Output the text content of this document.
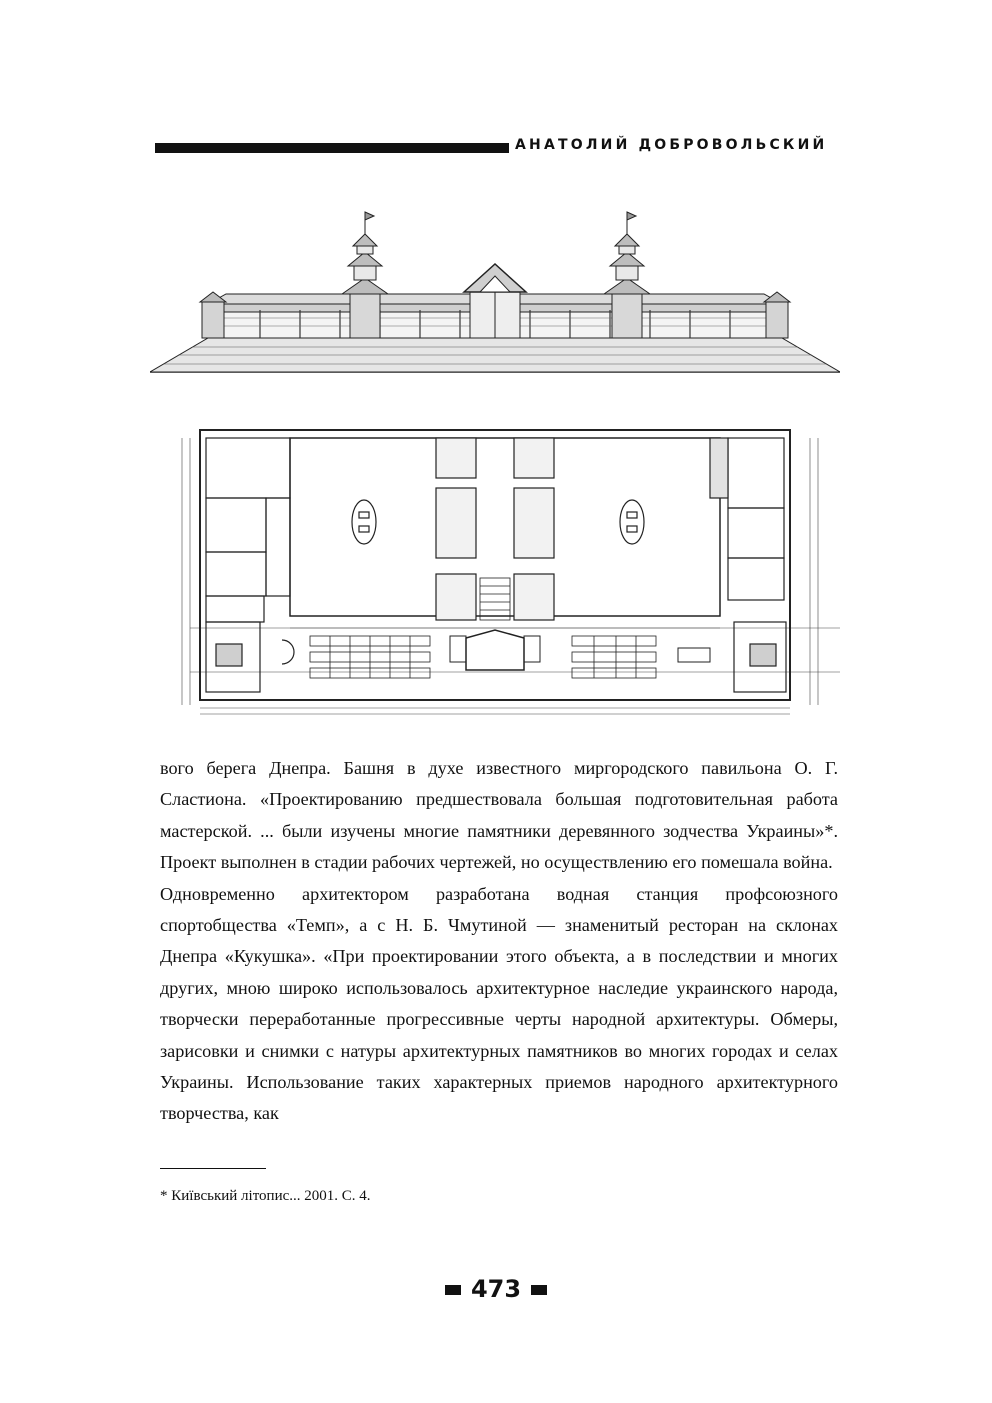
АНАТОЛИЙ ДОБРОВОЛЬСКИЙ

вого берега Днепра. Башня в духе известного миргородского павильона О. Г. Сластиона. «Проектированию предшествовала большая подготовительная работа мастерской. ... были изучены многие памятники деревянного зодчества Украины»*. Проект выполнен в стадии рабочих чертежей, но осуществлению его помешала война.

Одновременно архитектором разработана водная станция профсоюзного спортобщества «Темп», а с Н. Б. Чмутиной — знаменитый ресторан на склонах Днепра «Кукушка». «При проектировании этого объекта, а в последствии и многих других, мною широко использовалось архитектурное наследие украинского народа, творчески переработанные прогрессивные черты народной архитектуры. Обмеры, зарисовки и снимки с натуры архитектурных памятников во многих городах и селах Украины. Использование таких характерных приемов народного архитектурного творчества, как

* Київський літопис... 2001. С. 4.
473
